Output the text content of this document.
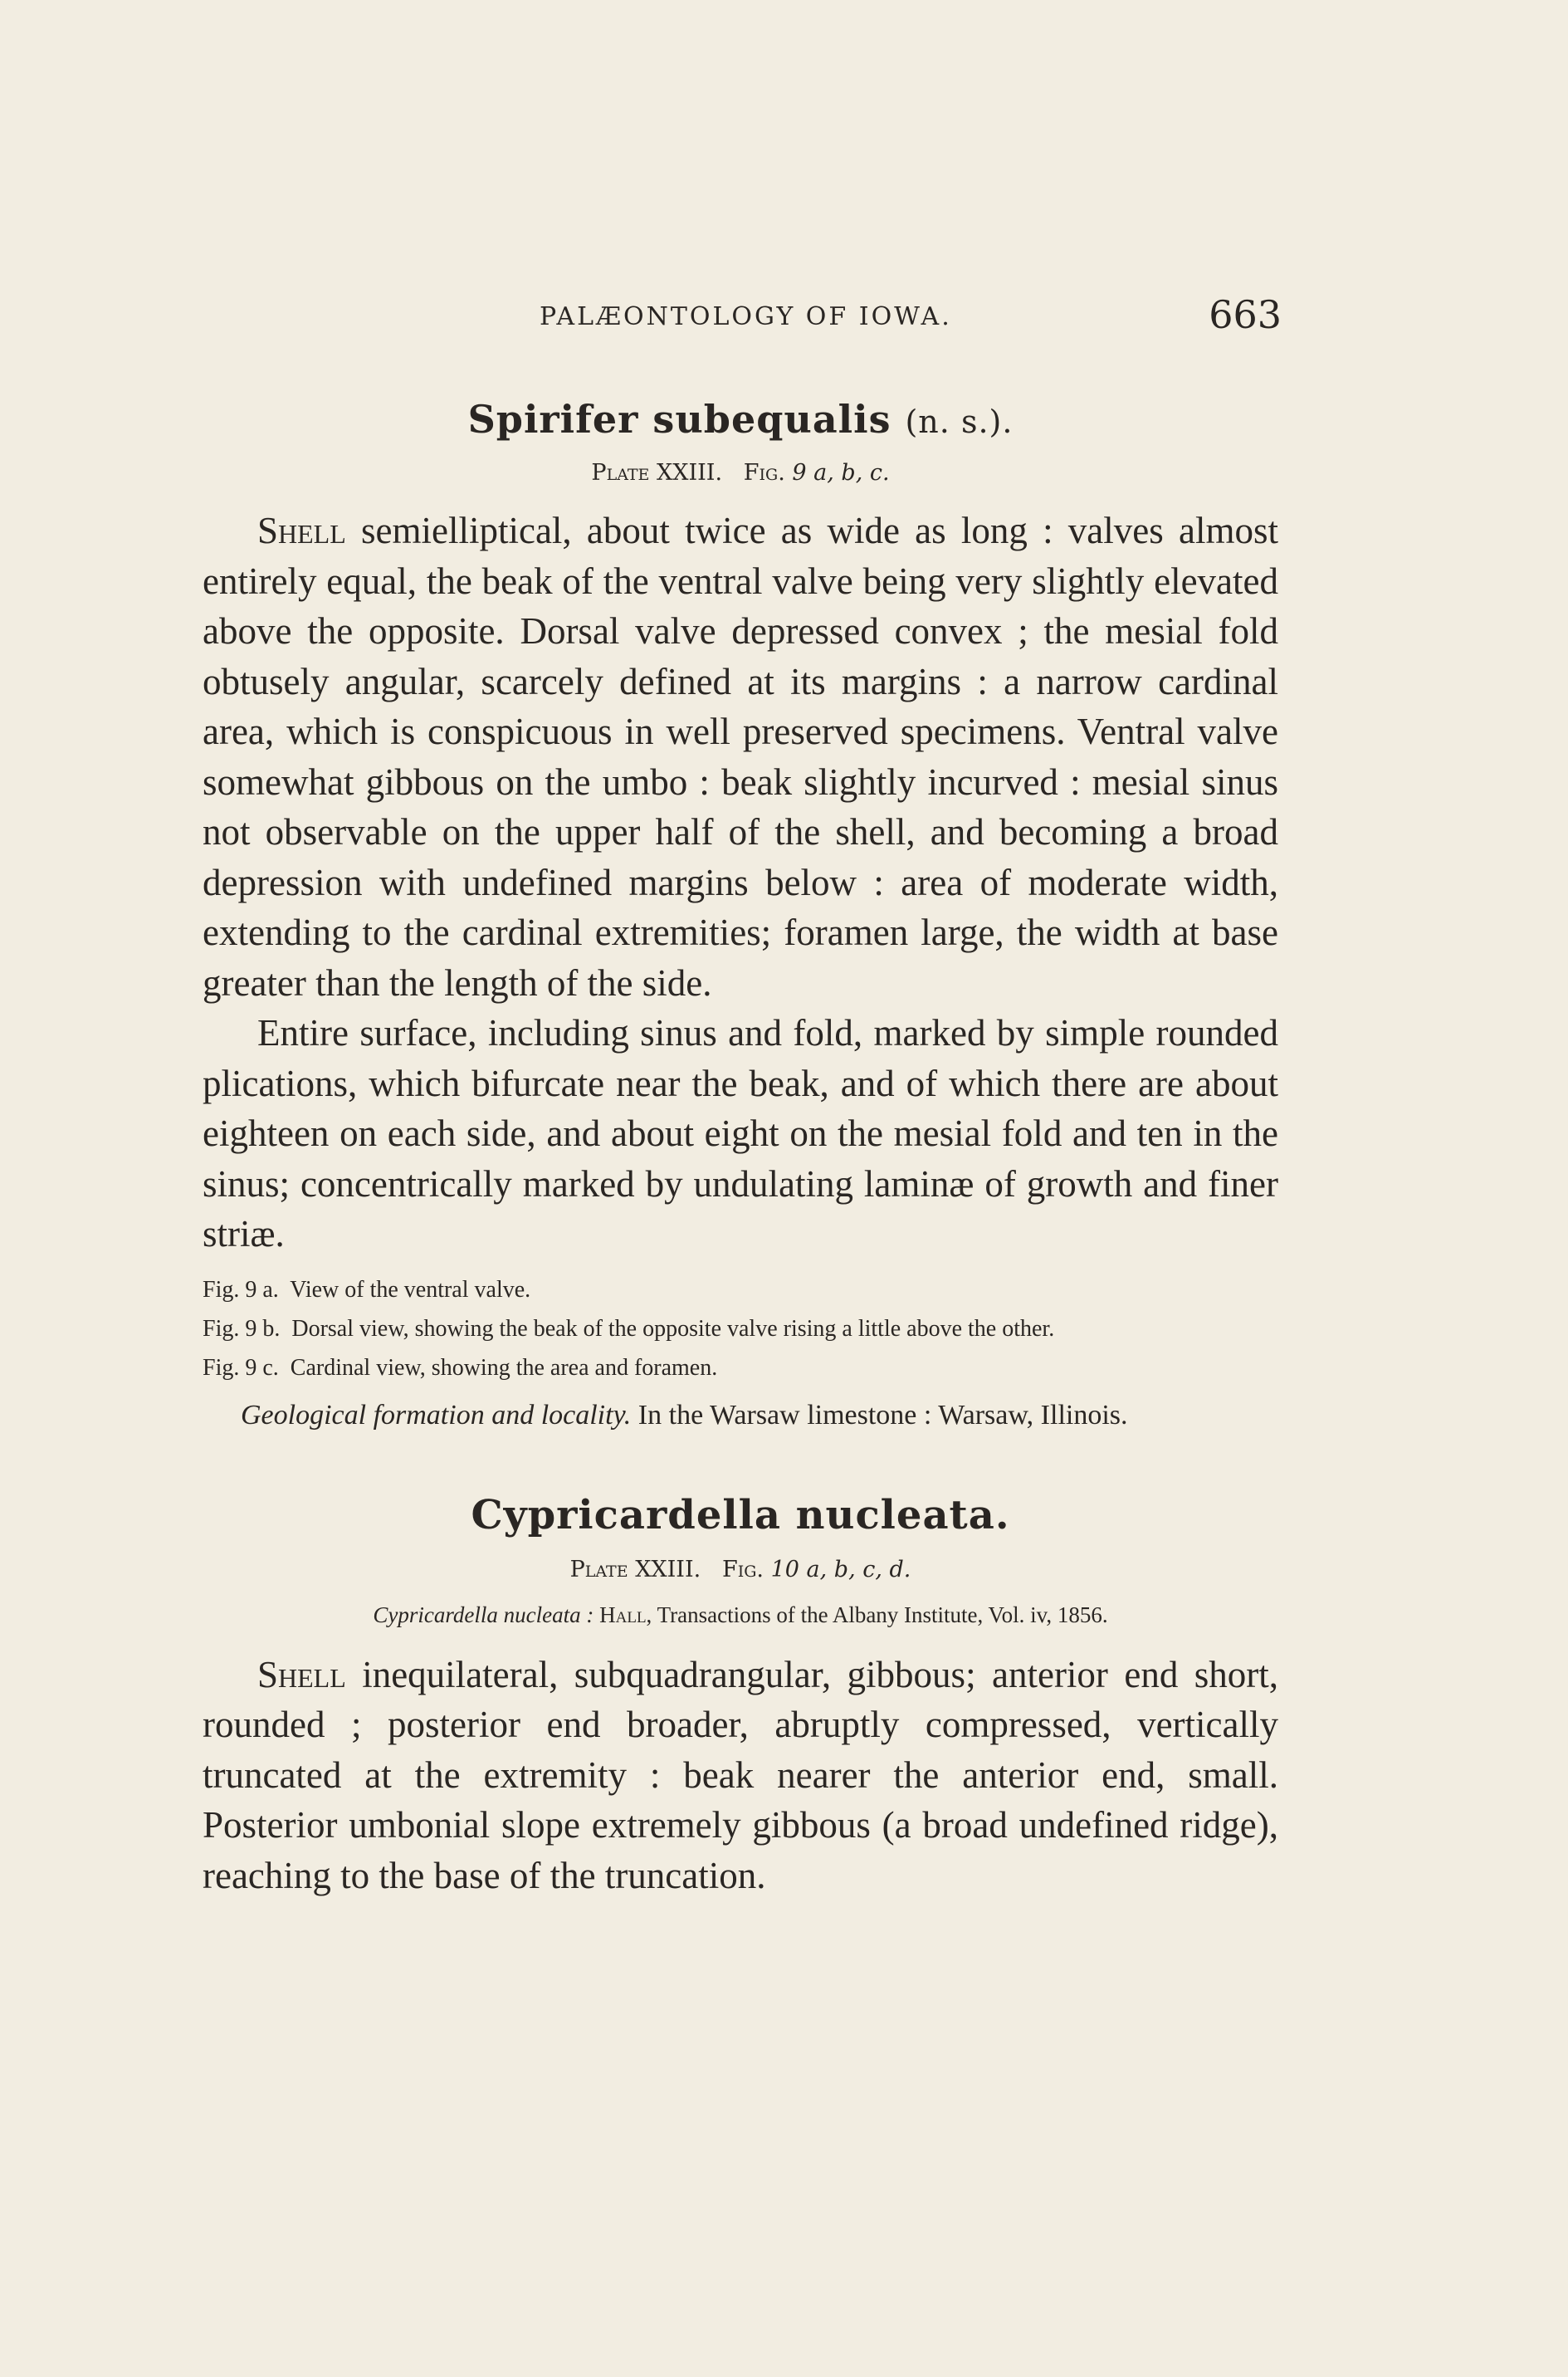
PALÆONTOLOGY OF IOWA.	663
Spirifer subequalis (n. s.).
Plate XXIII. Fig. 9 a, b, c.

Shell semielliptical, about twice as wide as long : valves almost entirely equal, the beak of the ventral valve being very slightly elevated above the opposite. Dorsal valve depressed convex ; the mesial fold obtusely angular, scarcely defined at its margins : a narrow cardinal area, which is conspicuous in well preserved specimens. Ventral valve somewhat gibbous on the umbo : beak slightly incurved : mesial sinus not observable on the upper half of the shell, and becoming a broad depression with undefined margins below : area of moderate width, extending to the cardinal extremities; foramen large, the width at base greater than the length of the side.

Entire surface, including sinus and fold, marked by simple rounded plications, which bifurcate near the beak, and of which there are about eighteen on each side, and about eight on the mesial fold and ten in the sinus; concentrically marked by undulating laminæ of growth and finer striæ.

Fig. 9 a. View of the ventral valve.

Fig. 9 b. Dorsal view, showing the beak of the opposite valve rising a little above the other.

Fig. 9 c. Cardinal view, showing the area and foramen.

Geological formation and locality. In the Warsaw limestone : Warsaw, Illinois.

Cypricardella nucleata.
Plate XXIII. Fig. 10 a, b, c, d.
Cypricardella nucleata : Hall, Transactions of the Albany Institute, Vol. iv, 1856.

Shell inequilateral, subquadrangular, gibbous; anterior end short, rounded ; posterior end broader, abruptly compressed, vertically truncated at the extremity : beak nearer the anterior end, small. Posterior umbonial slope extremely gibbous (a broad undefined ridge), reaching to the base of the truncation.
